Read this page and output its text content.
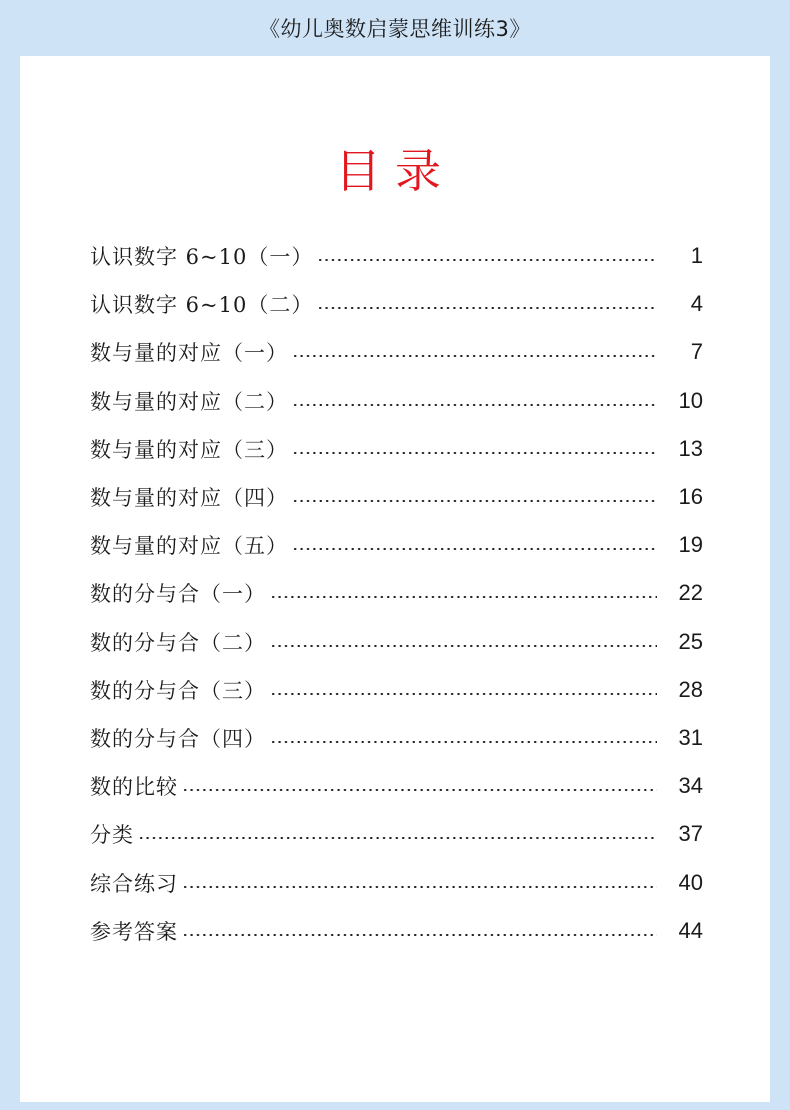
《幼儿奥数启蒙思维训练3》
目录
认识数字 6~10（一）	1
认识数字 6~10（二）	4
数与量的对应（一）	7
数与量的对应（二）	10
数与量的对应（三）	13
数与量的对应（四）	16
数与量的对应（五）	19
数的分与合（一）	22
数的分与合（二）	25
数的分与合（三）	28
数的分与合（四）	31
数的比较	34
分类	37
综合练习	40
参考答案	44
